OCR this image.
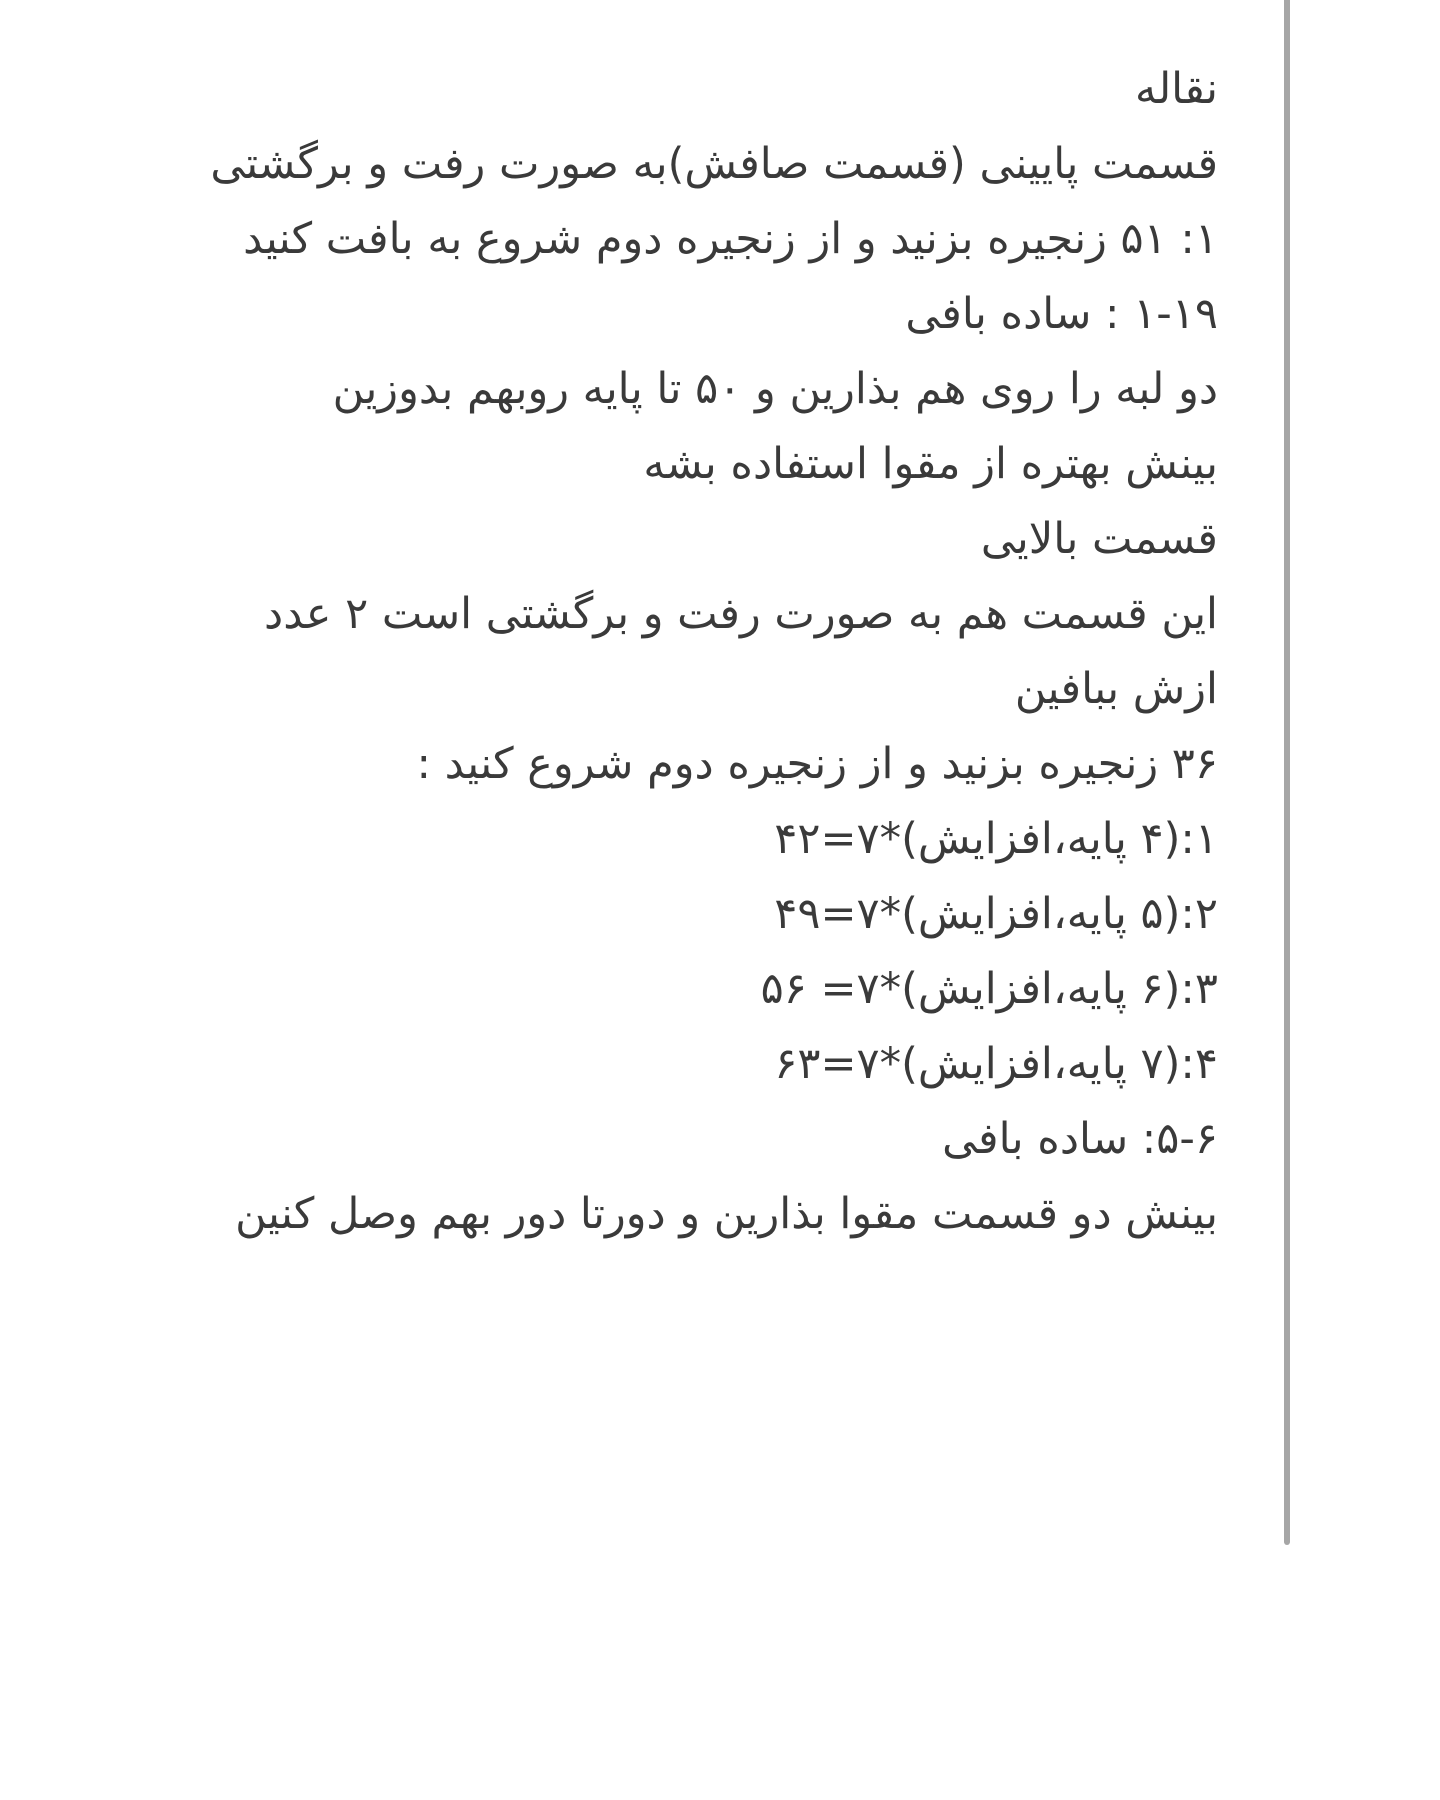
نقاله
قسمت پایینی (قسمت صافش)به صورت رفت و برگشتی
۱: ۵۱ زنجیره بزنید و از زنجیره دوم شروع به بافت کنید
۱-۱۹ : ساده بافی
دو لبه را روی هم بذارین و ۵۰ تا پایه روبهم بدوزین
بینش بهتره از مقوا استفاده بشه
قسمت بالایی
این قسمت هم به صورت رفت و برگشتی است ۲ عدد
ازش ببافین
۳۶ زنجیره بزنید و از زنجیره دوم شروع کنید :
۱:(۴ پایه،افزایش)*۷=۴۲
۲:(۵ پایه،افزایش)*۷=۴۹
۳:(۶ پایه،افزایش)*۷= ۵۶
۴:(۷ پایه،افزایش)*۷=۶۳
۵-۶: ساده بافی
بینش دو قسمت مقوا بذارین و دورتا دور بهم وصل کنین
